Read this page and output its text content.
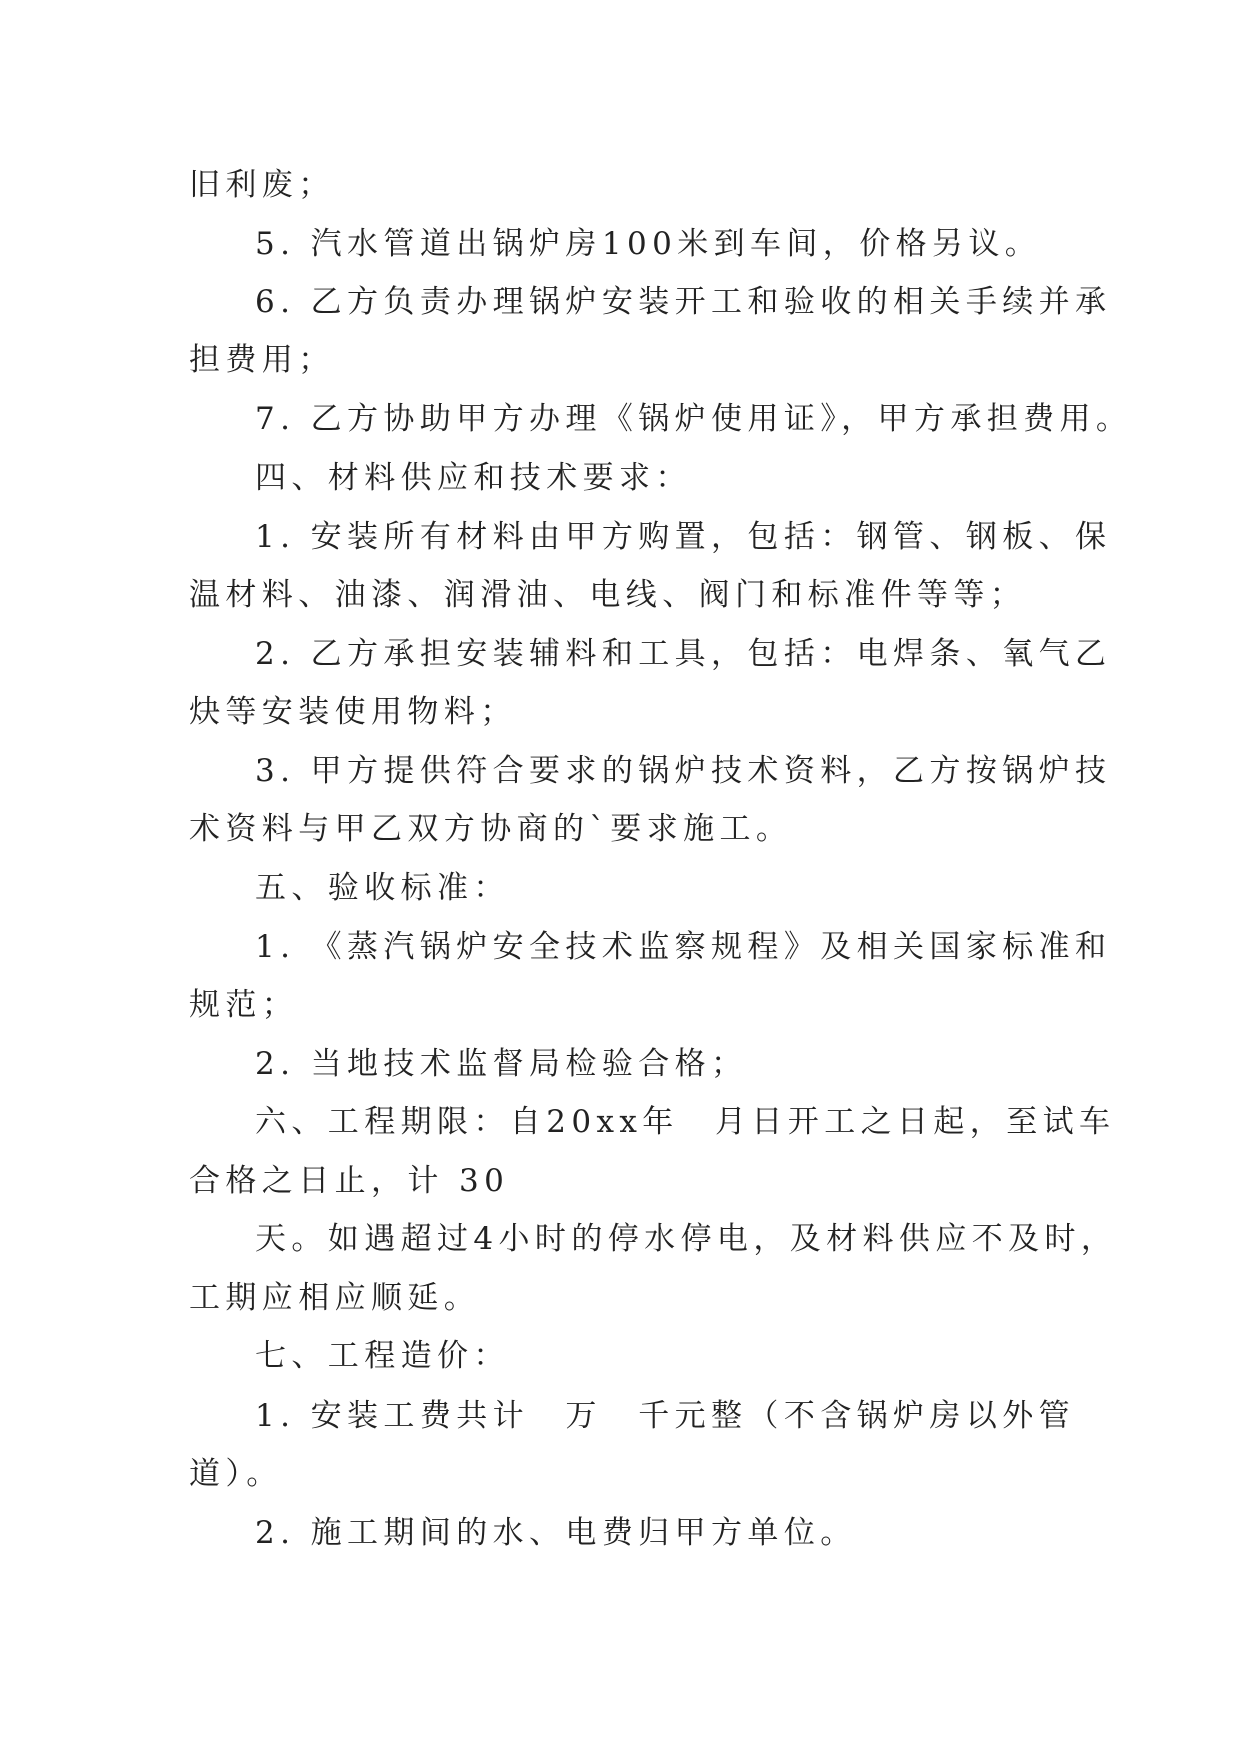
旧利废；
5. 汽水管道出锅炉房100米到车间，价格另议。
6. 乙方负责办理锅炉安装开工和验收的相关手续并承
担费用；
7. 乙方协助甲方办理《锅炉使用证》，甲方承担费用。
四、材料供应和技术要求：
1. 安装所有材料由甲方购置，包括：钢管、钢板、保
温材料、油漆、润滑油、电线、阀门和标准件等等；
2. 乙方承担安装辅料和工具，包括：电焊条、氧气乙
炔等安装使用物料；
3. 甲方提供符合要求的锅炉技术资料，乙方按锅炉技
术资料与甲乙双方协商的`要求施工。
五、验收标准：
1. 《蒸汽锅炉安全技术监察规程》及相关国家标准和
规范；
2. 当地技术监督局检验合格；
六、工程期限：自20xx年　月日开工之日起，至试车
合格之日止，计 30
天。如遇超过4小时的停水停电，及材料供应不及时，
工期应相应顺延。
七、工程造价：
1. 安装工费共计　万　千元整（不含锅炉房以外管
道）。
2. 施工期间的水、电费归甲方单位。
